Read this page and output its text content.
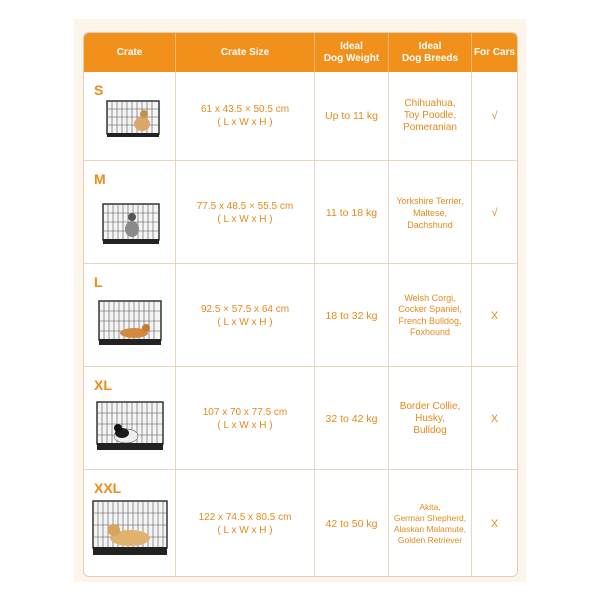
Crate	Crate Size
Ideal
Dog Weight
Ideal
Dog Breeds
For Cars
S
61 x 43.5 × 50.5 cm
( L x W x H )
Up to 11 kg
Chihuahua,
Toy Poodle,
Pomeranian
√
M
77.5 x 48.5 × 55.5 cm
( L x W x H )
11 to 18 kg
Yorkshire Terrier,
Maltese,
Dachshund
√
L
92.5 × 57.5 x 64 cm
( L x W x H )
18 to 32 kg
Welsh Corgi,
Cocker Spaniel,
French Bulldog,
Foxhound
X
XL
107 x 70 x 77.5 cm
( L x W x H )
32 to 42 kg
Border Collie,
Husky,
Bulldog
X
XXL
122 x 74.5 x 80.5 cm
( L x W x H )
42 to 50 kg
Akita,
German Shepherd,
Alaskan Malamute,
Golden Retriever
X
